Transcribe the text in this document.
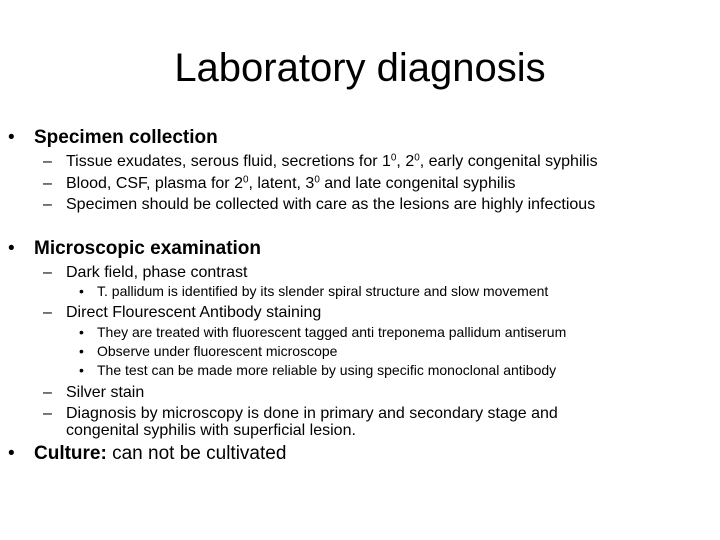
Laboratory diagnosis
• Specimen collection
– Tissue exudates, serous fluid, secretions for $1^0$, $2^0$, early congenital syphilis
– Blood, CSF, plasma for $2^0$, latent, $3^0$ and late congenital syphilis
– Specimen should be collected with care as the lesions are highly infectious
• Microscopic examination
– Dark field, phase contrast
• T. pallidum is identified by its slender spiral structure and slow movement
– Direct Flourescent Antibody staining
• They are treated with fluorescent tagged anti treponema pallidum antiserum
• Observe under fluorescent microscope
• The test can be made more reliable by using specific monoclonal antibody
– Silver stain
– Diagnosis by microscopy is done in primary and secondary stage and
congenital syphilis with superficial lesion.
• Culture: can not be cultivated
